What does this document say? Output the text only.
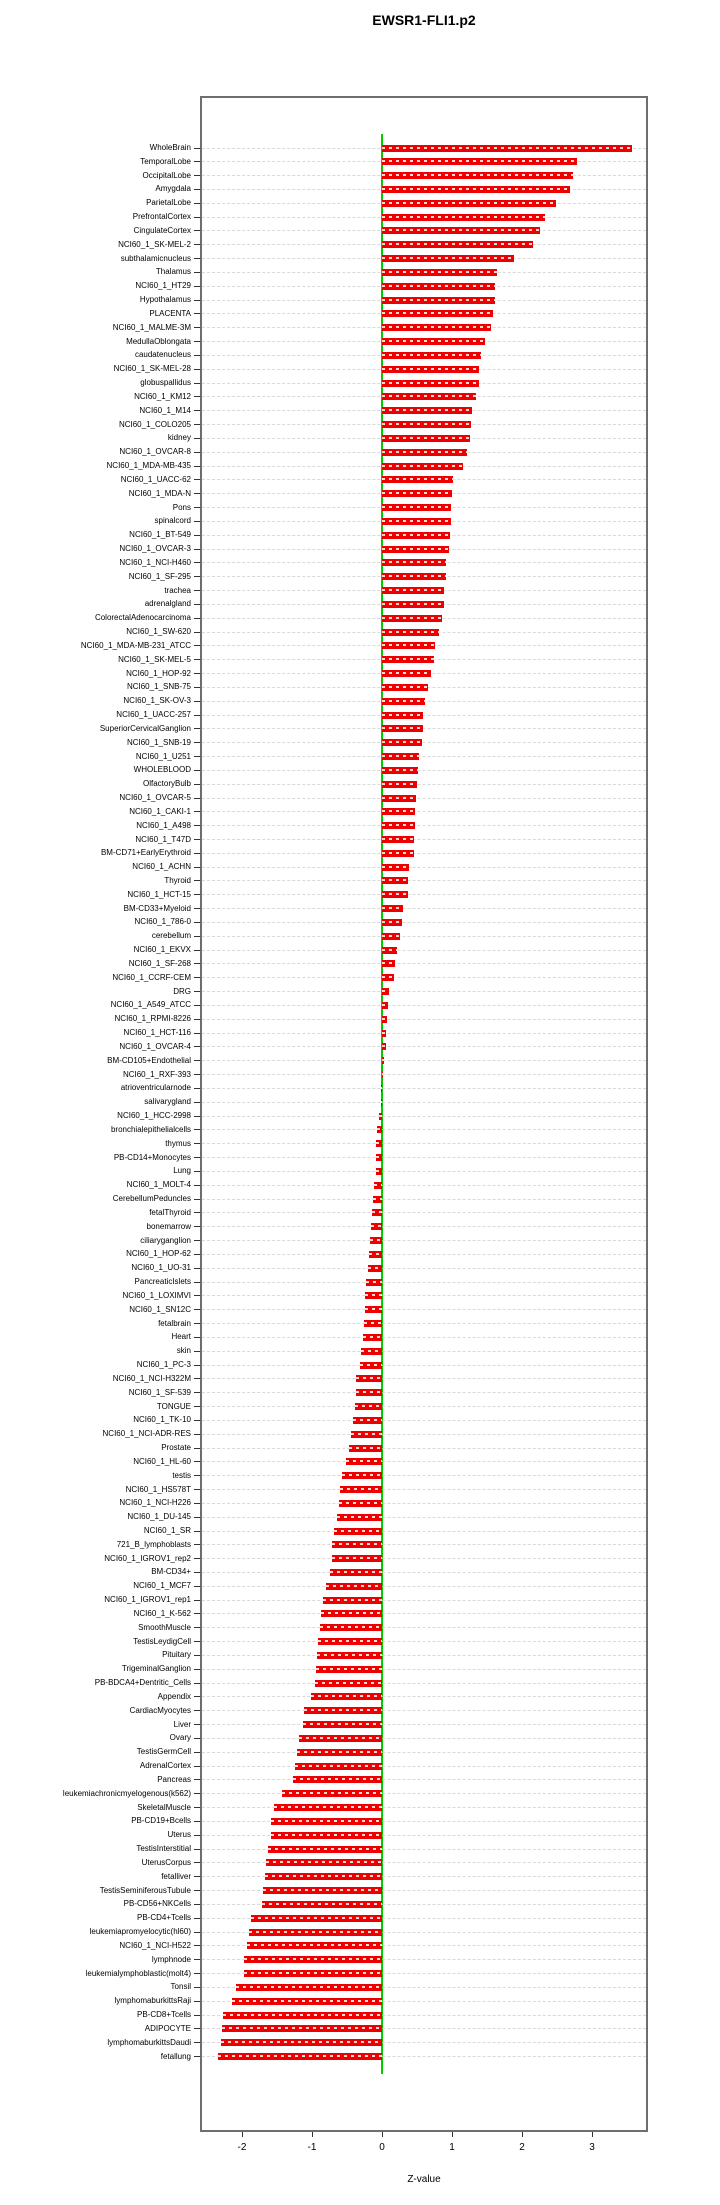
EWSR1-FLI1.p2
WholeBrain
TemporalLobe
OccipitalLobe
Amygdala
ParietalLobe
PrefrontalCortex
CingulateCortex
NCI60_1_SK-MEL-2
subthalamicnucleus
Thalamus
NCI60_1_HT29
Hypothalamus
PLACENTA
NCI60_1_MALME-3M
MedullaOblongata
caudatenucleus
NCI60_1_SK-MEL-28
globuspallidus
NCI60_1_KM12
NCI60_1_M14
NCI60_1_COLO205
kidney
NCI60_1_OVCAR-8
NCI60_1_MDA-MB-435
NCI60_1_UACC-62
NCI60_1_MDA-N
Pons
spinalcord
NCI60_1_BT-549
NCI60_1_OVCAR-3
NCI60_1_NCI-H460
NCI60_1_SF-295
trachea
adrenalgland
ColorectalAdenocarcinoma
NCI60_1_SW-620
NCI60_1_MDA-MB-231_ATCC
NCI60_1_SK-MEL-5
NCI60_1_HOP-92
NCI60_1_SNB-75
NCI60_1_SK-OV-3
NCI60_1_UACC-257
SuperiorCervicalGanglion
NCI60_1_SNB-19
NCI60_1_U251
WHOLEBLOOD
OlfactoryBulb
NCI60_1_OVCAR-5
NCI60_1_CAKI-1
NCI60_1_A498
NCI60_1_T47D
BM-CD71+EarlyErythroid
NCI60_1_ACHN
Thyroid
NCI60_1_HCT-15
BM-CD33+Myeloid
NCI60_1_786-0
cerebellum
NCI60_1_EKVX
NCI60_1_SF-268
NCI60_1_CCRF-CEM
DRG
NCI60_1_A549_ATCC
NCI60_1_RPMI-8226
NCI60_1_HCT-116
NCI60_1_OVCAR-4
BM-CD105+Endothelial
NCI60_1_RXF-393
atrioventricularnode
salivarygland
NCI60_1_HCC-2998
bronchialepithelialcells
thymus
PB-CD14+Monocytes
Lung
NCI60_1_MOLT-4
CerebellumPeduncles
fetalThyroid
bonemarrow
ciliaryganglion
NCI60_1_HOP-62
NCI60_1_UO-31
PancreaticIslets
NCI60_1_LOXIMVI
NCI60_1_SN12C
fetalbrain
Heart
skin
NCI60_1_PC-3
NCI60_1_NCI-H322M
NCI60_1_SF-539
TONGUE
NCI60_1_TK-10
NCI60_1_NCI-ADR-RES
Prostate
NCI60_1_HL-60
testis
NCI60_1_HS578T
NCI60_1_NCI-H226
NCI60_1_DU-145
NCI60_1_SR
721_B_lymphoblasts
NCI60_1_IGROV1_rep2
BM-CD34+
NCI60_1_MCF7
NCI60_1_IGROV1_rep1
NCI60_1_K-562
SmoothMuscle
TestisLeydigCell
Pituitary
TrigeminalGanglion
PB-BDCA4+Dentritic_Cells
Appendix
CardiacMyocytes
Liver
Ovary
TestisGermCell
AdrenalCortex
Pancreas
leukemiachronicmyelogenous(k562)
SkeletalMuscle
PB-CD19+Bcells
Uterus
TestisInterstitial
UterusCorpus
fetalliver
TestisSeminiferousTubule
PB-CD56+NKCells
PB-CD4+Tcells
leukemiapromyelocytic(hl60)
NCI60_1_NCI-H522
lymphnode
leukemialymphoblastic(molt4)
Tonsil
lymphomaburkittsRaji
PB-CD8+Tcells
ADIPOCYTE
lymphomaburkittsDaudi
fetallung
-2	-1	0	1	2	3
Z-value
